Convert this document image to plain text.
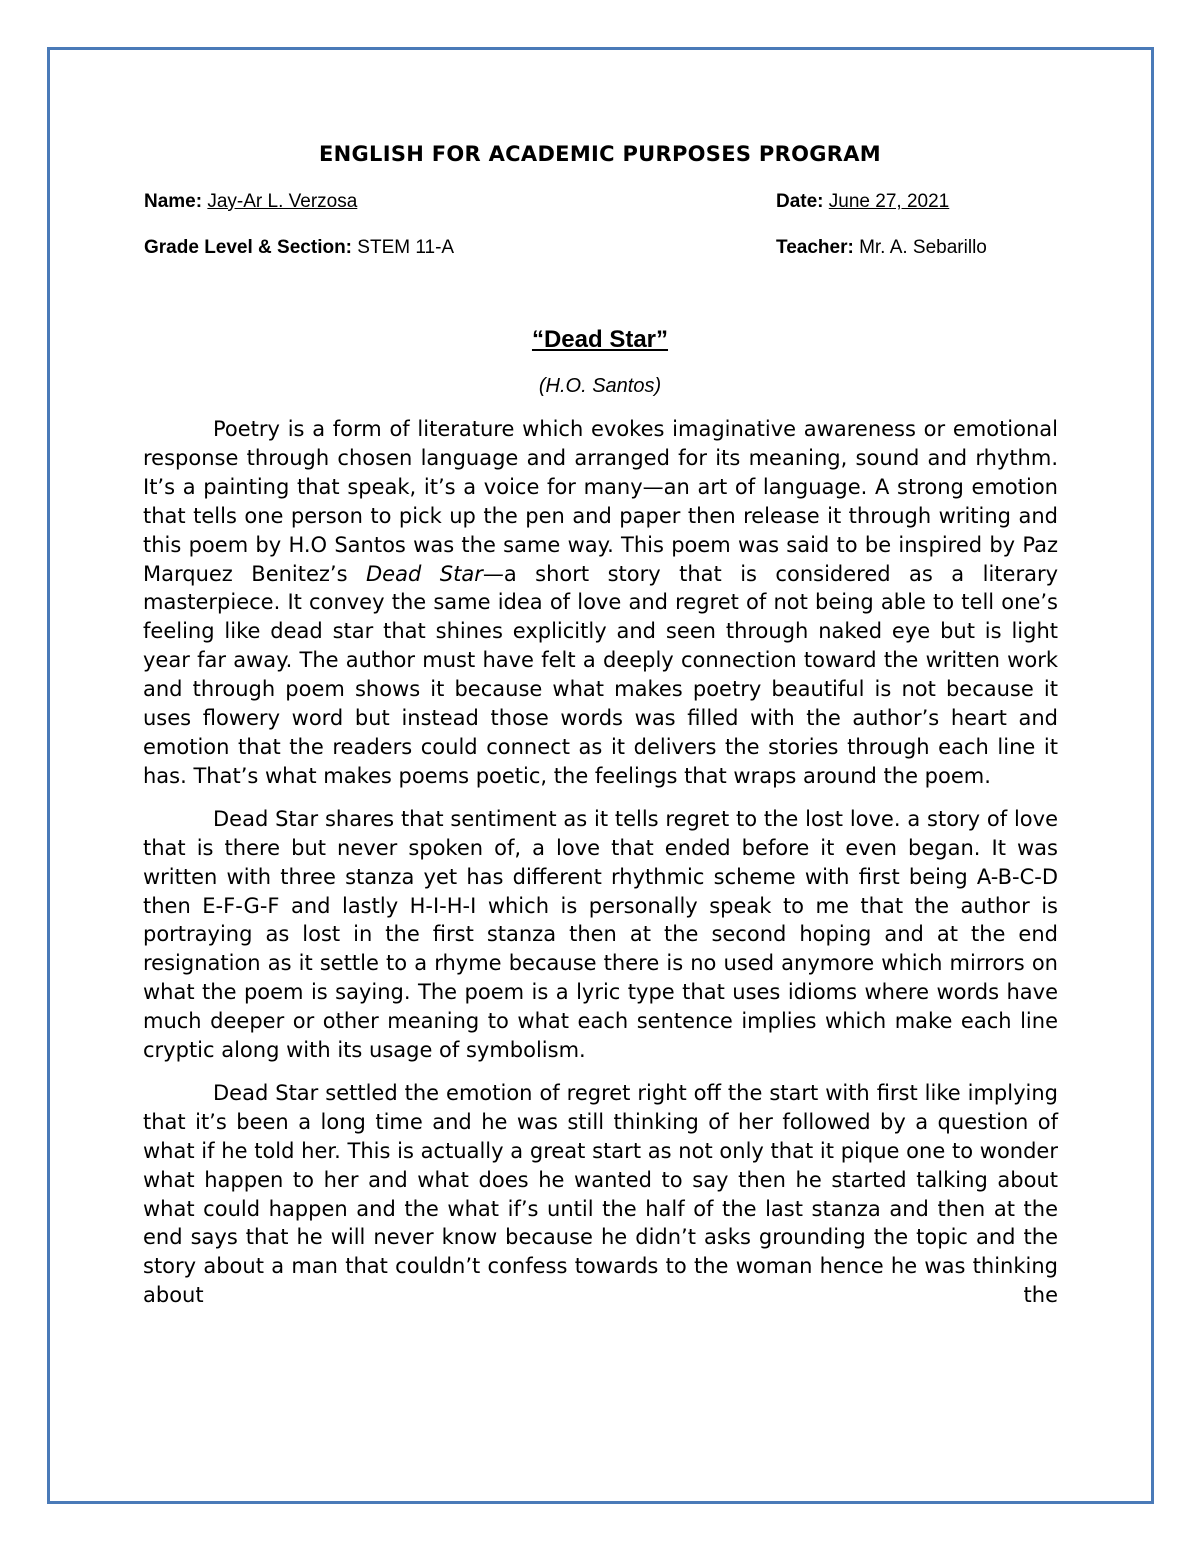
ENGLISH FOR ACADEMIC PURPOSES PROGRAM
Name: Jay-Ar L. Verzosa	Date: June 27, 2021
Grade Level & Section: STEM 11-A	Teacher: Mr. A. Sebarillo
“Dead Star”
(H.O. Santos)

Poetry is a form of literature which evokes imaginative awareness or emotional response through chosen language and arranged for its meaning, sound and rhythm. It’s a painting that speak, it’s a voice for many—an art of language. A strong emotion that tells one person to pick up the pen and paper then release it through writing and this poem by H.O Santos was the same way. This poem was said to be inspired by Paz Marquez Benitez’s Dead Star—a short story that is considered as a literary masterpiece. It convey the same idea of love and regret of not being able to tell one’s feeling like dead star that shines explicitly and seen through naked eye but is light year far away. The author must have felt a deeply connection toward the written work and through poem shows it because what makes poetry beautiful is not because it uses flowery word but instead those words was filled with the author’s heart and emotion that the readers could connect as it delivers the stories through each line it has. That’s what makes poems poetic, the feelings that wraps around the poem.

Dead Star shares that sentiment as it tells regret to the lost love. a story of love that is there but never spoken of, a love that ended before it even began. It was written with three stanza yet has different rhythmic scheme with first being A-B-C-D then E-F-G-F and lastly H-I-H-I which is personally speak to me that the author is portraying as lost in the first stanza then at the second hoping and at the end resignation as it settle to a rhyme because there is no used anymore which mirrors on what the poem is saying. The poem is a lyric type that uses idioms where words have much deeper or other meaning to what each sentence implies which make each line cryptic along with its usage of symbolism.

Dead Star settled the emotion of regret right off the start with first like implying that it’s been a long time and he was still thinking of her followed by a question of what if he told her. This is actually a great start as not only that it pique one to wonder what happen to her and what does he wanted to say then he started talking about what could happen and the what if’s until the half of the last stanza and then at the end says that he will never know because he didn’t asks grounding the topic and the story about a man that couldn’t confess towards to the woman hence he was thinking about the
